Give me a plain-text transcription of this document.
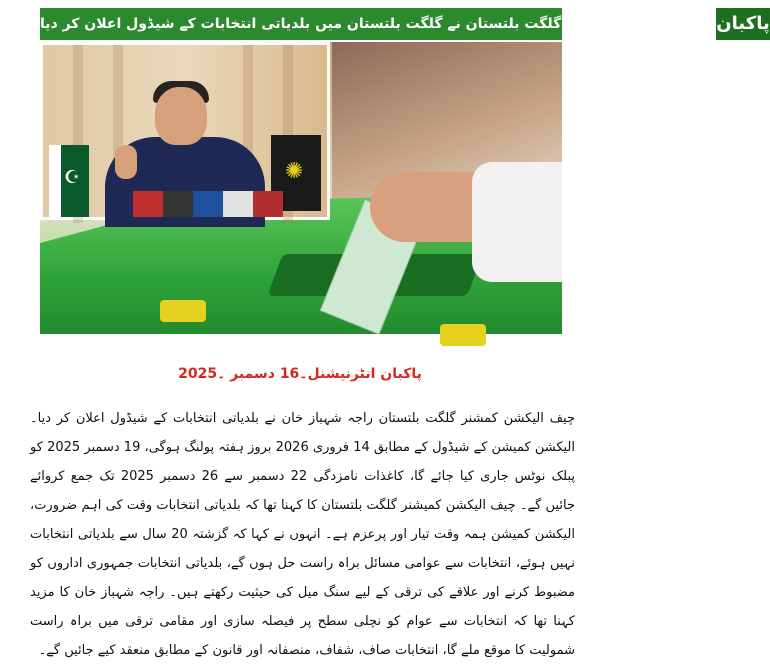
چیف الیکشن کمشنر گلگت بلتستان نے گلگت بلتستان میں بلدیاتی انتخابات کے شیڈول اعلان کر دیا پاکبان
☪
✺
پاکبان انٹرنیشنل۔16 دسمبر ۔2025
چیف الیکشن کمشنر گلگت بلتستان راجہ شہباز خان نے بلدیاتی انتخابات کے شیڈول اعلان کر دیا۔ الیکشن کمیشن کے شیڈول کے مطابق 14 فروری 2026 بروز ہفتہ پولنگ ہوگی، 19 دسمبر 2025 کو پبلک نوٹس جاری کیا جائے گا، کاغذات نامزدگی 22 دسمبر سے 26 دسمبر 2025 تک جمع کروائے جائیں گے۔ چیف الیکشن کمیشنر گلگت بلتستان کا کہنا تھا کہ بلدیاتی انتخابات وقت کی اہم ضرورت، الیکشن کمیشن ہمہ وقت تیار اور پرعزم ہے۔ انہوں نے کہا کہ گزشتہ 20 سال سے بلدیاتی انتخابات نہیں ہوئے، انتخابات سے عوامی مسائل براہ راست حل ہوں گے، بلدیاتی انتخابات جمہوری اداروں کو مضبوط کرنے اور علاقے کی ترقی کے لیے سنگ میل کی حیثیت رکھتے ہیں۔ راجہ شہباز خان کا مزید کہنا تھا کہ انتخابات سے عوام کو نچلی سطح پر فیصلہ سازی اور مقامی ترقی میں براہ راست شمولیت کا موقع ملے گا، انتخابات صاف، شفاف، منصفانہ اور قانون کے مطابق منعقد کیے جائیں گے۔
